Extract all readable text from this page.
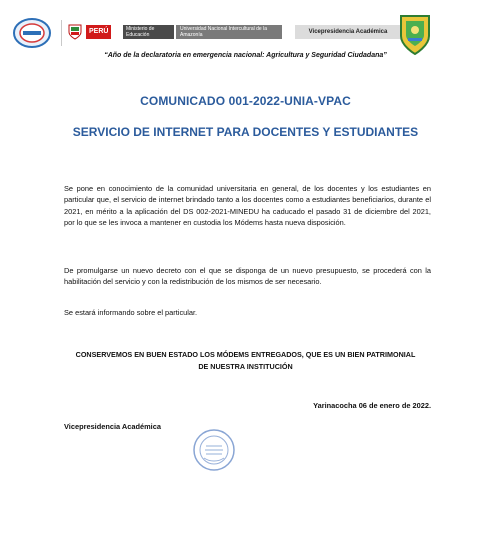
PERÚ	Ministerio de Educación
Universidad Nacional Intercultural de la Amazonía	Vicepresidencia Académica
“Año de la declaratoria en emergencia nacional: Agricultura y Seguridad Ciudadana”
COMUNICADO 001-2022-UNIA-VPAC
SERVICIO DE INTERNET PARA DOCENTES Y ESTUDIANTES
Se pone en conocimiento de la comunidad universitaria en general, de los docentes y los estudiantes en particular que, el servicio de internet brindado tanto a los docentes como a estudiantes beneficiarios, durante el 2021, en mérito a la aplicación del DS 002-2021-MINEDU ha caducado el pasado 31 de diciembre del 2021, por lo que se les invoca a mantener en custodia los Módems hasta nueva disposición.
De promulgarse un nuevo decreto con el que se disponga de un nuevo presupuesto, se procederá con la habilitación del servicio y con la redistribución de los mismos de ser necesario.
Se estará informando sobre el particular.
CONSERVEMOS EN BUEN ESTADO LOS MÓDEMS ENTREGADOS, QUE ES UN BIEN PATRIMONIAL DE NUESTRA INSTITUCIÓN
Yarinacocha 06 de enero de 2022.
Vicepresidencia Académica
